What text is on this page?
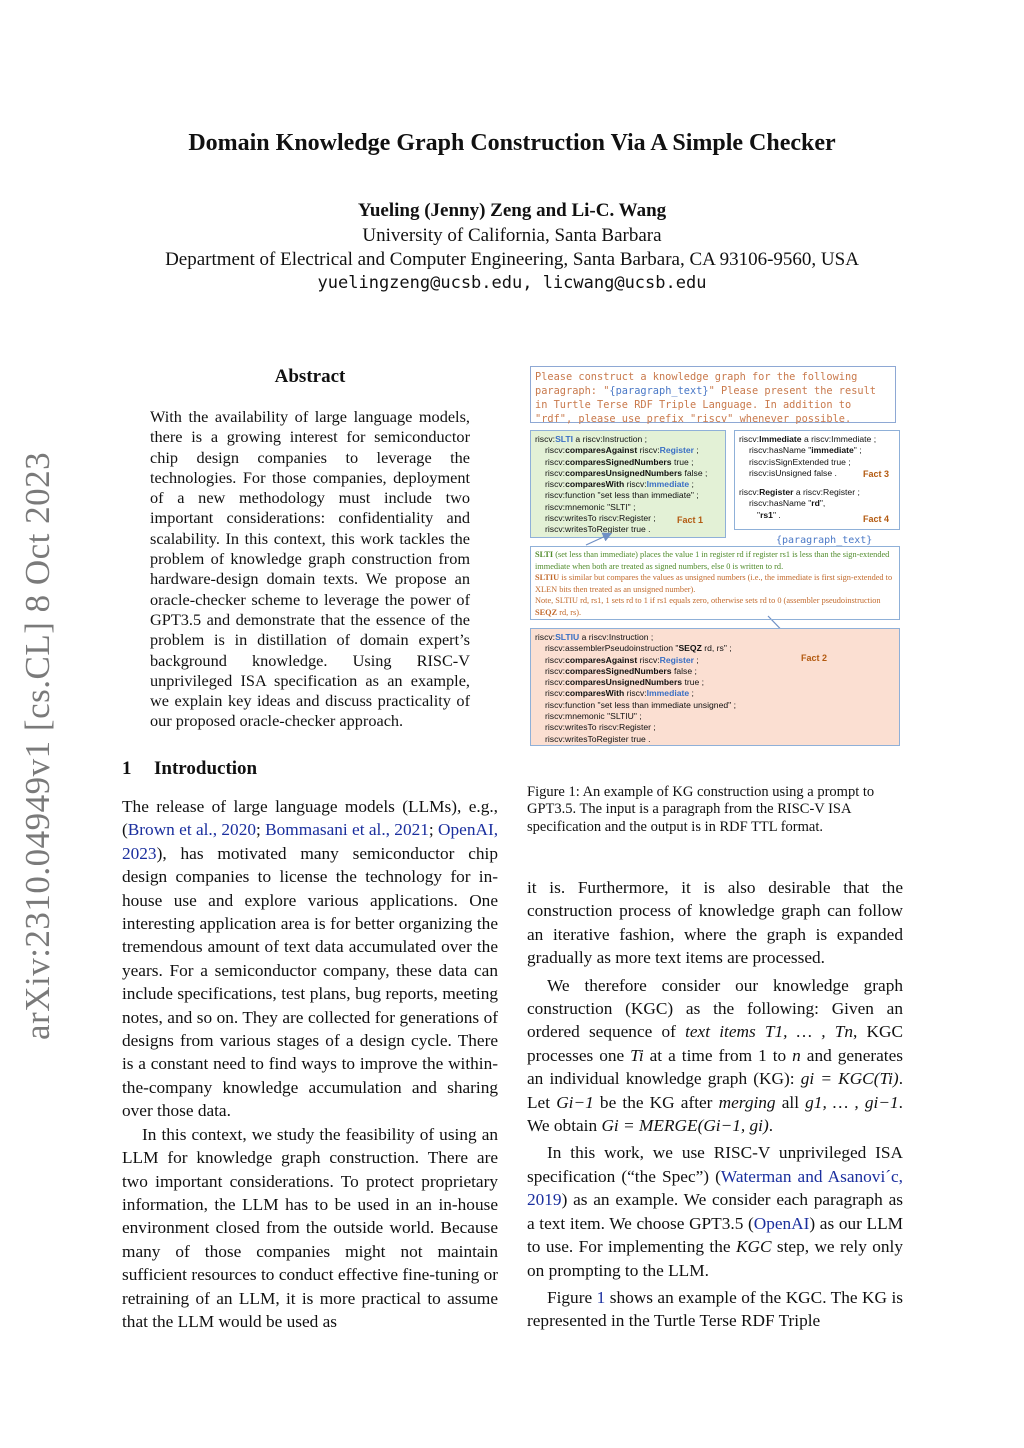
arXiv:2310.04949v1 [cs.CL] 8 Oct 2023
Domain Knowledge Graph Construction Via A Simple Checker
Yueling (Jenny) Zeng and Li-C. Wang
University of California, Santa Barbara
Department of Electrical and Computer Engineering, Santa Barbara, CA 93106-9560, USA
yuelingzeng@ucsb.edu, licwang@ucsb.edu
Abstract

With the availability of large language models, there is a growing interest for semiconductor chip design companies to leverage the technologies. For those companies, deployment of a new methodology must include two important considerations: confidentiality and scalability. In this context, this work tackles the problem of knowledge graph construction from hardware-design domain texts. We propose an oracle-checker scheme to leverage the power of GPT3.5 and demonstrate that the essence of the problem is in distillation of domain expert’s background knowledge. Using RISC-V unprivileged ISA specification as an example, we explain key ideas and discuss practicality of our proposed oracle-checker approach.

1 Introduction

The release of large language models (LLMs), e.g., (Brown et al., 2020; Bommasani et al., 2021; OpenAI, 2023), has motivated many semiconductor chip design companies to license the technology for in-house use and explore various applications. One interesting application area is for better organizing the tremendous amount of text data accumulated over the years. For a semiconductor company, these data can include specifications, test plans, bug reports, meeting notes, and so on. They are collected for generations of designs from various stages of a design cycle. There is a constant need to find ways to improve the within-the-company knowledge accumulation and sharing over those data.

In this context, we study the feasibility of using an LLM for knowledge graph construction. There are two important considerations. To protect proprietary information, the LLM has to be used in an in-house environment closed from the outside world. Because many of those companies might not maintain sufficient resources to conduct effective fine-tuning or retraining of an LLM, it is more practical to assume that the LLM would be used as

it is. Furthermore, it is also desirable that the construction process of knowledge graph can follow an iterative fashion, where the graph is expanded gradually as more text items are processed.

We therefore consider our knowledge graph construction (KGC) as the following: Given an ordered sequence of text items T1, … , Tn, KGC processes one Ti at a time from 1 to n and generates an individual knowledge graph (KG): gi = KGC(Ti). Let Gi−1 be the KG after merging all g1, … , gi−1. We obtain Gi = MERGE(Gi−1, gi).

In this work, we use RISC-V unprivileged ISA specification (“the Spec”) (Waterman and Asanovi´c, 2019) as an example. We consider each paragraph as a text item. We choose GPT3.5 (OpenAI) as our LLM to use. For implementing the KGC step, we rely only on prompting to the LLM.

Figure 1 shows an example of the KGC. The KG is represented in the Turtle Terse RDF Triple

Please construct a knowledge graph for the following paragraph: "{paragraph_text}" Please present the result in Turtle Terse RDF Triple Language. In addition to "rdf", please use prefix "riscv" whenever possible.
riscv:SLTI a riscv:Instruction ;
riscv:comparesAgainst riscv:Register ;
riscv:comparesSignedNumbers true ;
riscv:comparesUnsignedNumbers false ;
riscv:comparesWith riscv:Immediate ;
riscv:function "set less than immediate" ;
riscv:mnemonic "SLTI" ;
riscv:writesTo riscv:Register ;
riscv:writesToRegister true .
Fact 1
riscv:Immediate a riscv:Immediate ;
riscv:hasName "immediate" ;
riscv:isSignExtended true ;
riscv:isUnsigned false .
riscv:Register a riscv:Register ;
riscv:hasName "rd",
"rs1" .
Fact 3
Fact 4
{paragraph_text}
SLTI (set less than immediate) places the value 1 in register rd if register rs1 is less than the sign-extended immediate when both are treated as signed numbers, else 0 is written to rd.
SLTIU is similar but compares the values as unsigned numbers (i.e., the immediate is first sign-extended to XLEN bits then treated as an unsigned number).
Note, SLTIU rd, rs1, 1 sets rd to 1 if rs1 equals zero, otherwise sets rd to 0 (assembler pseudoinstruction SEQZ rd, rs).
riscv:SLTIU a riscv:Instruction ;
riscv:assemblerPseudoinstruction "SEQZ rd, rs" ;
riscv:comparesAgainst riscv:Register ;
riscv:comparesSignedNumbers false ;
riscv:comparesUnsignedNumbers true ;
riscv:comparesWith riscv:Immediate ;
riscv:function "set less than immediate unsigned" ;
riscv:mnemonic "SLTIU" ;
riscv:writesTo riscv:Register ;
riscv:writesToRegister true .
Fact 2

Figure 1: An example of KG construction using a prompt to GPT3.5. The input is a paragraph from the RISC-V ISA specification and the output is in RDF TTL format.
